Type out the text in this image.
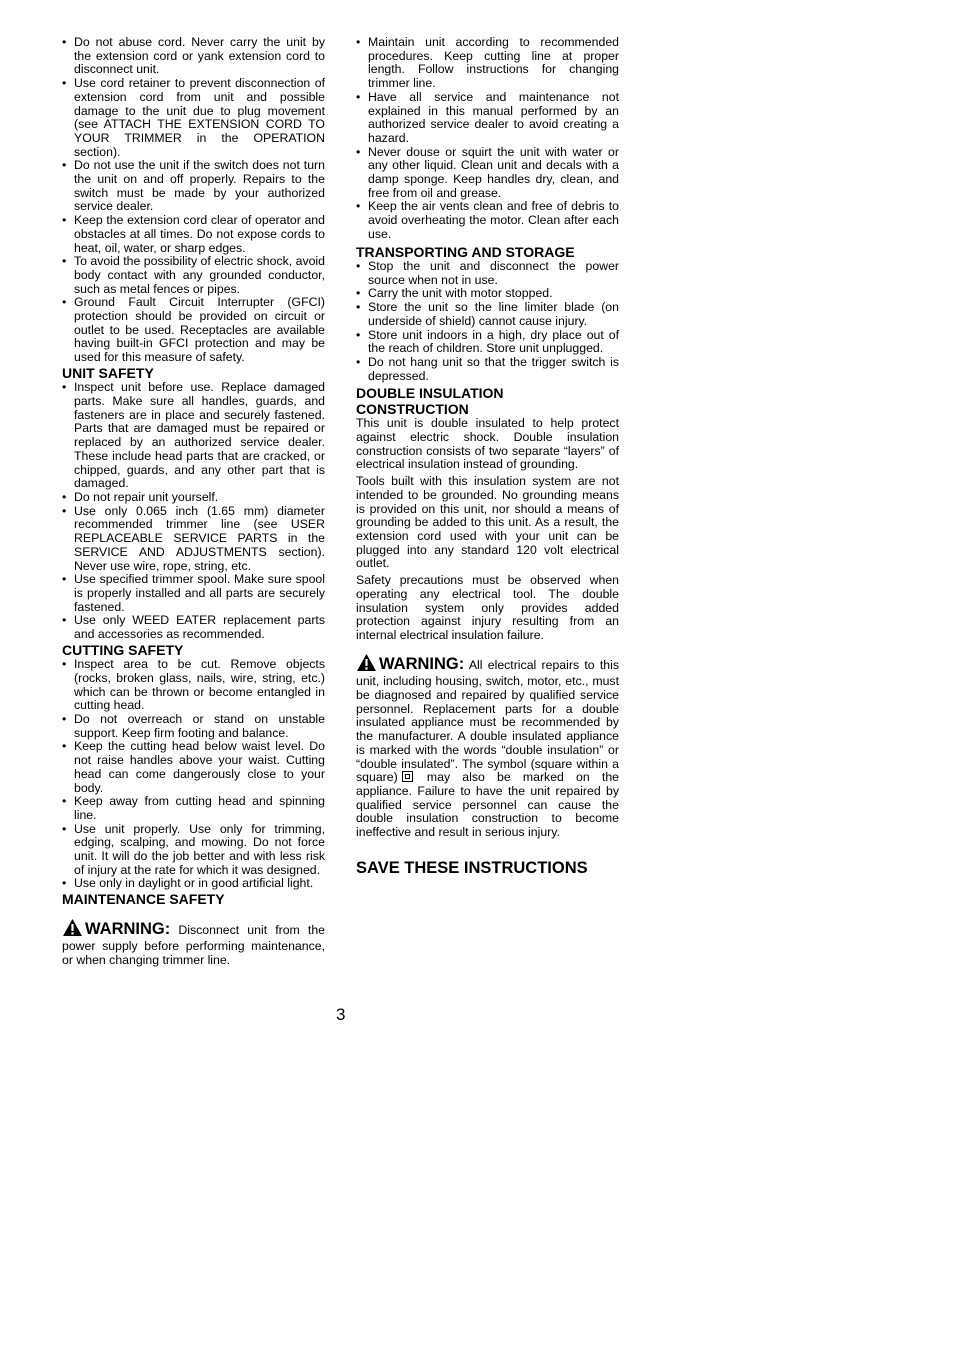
• Do not abuse cord. Never carry the unit by the extension cord or yank extension cord to disconnect unit.
• Use cord retainer to prevent disconnection of extension cord from unit and possible damage to the unit due to plug movement (see ATTACH THE EXTENSION CORD TO YOUR TRIMMER in the OPERATION section).
• Do not use the unit if the switch does not turn the unit on and off properly. Repairs to the switch must be made by your authorized service dealer.
• Keep the extension cord clear of operator and obstacles at all times. Do not expose cords to heat, oil, water, or sharp edges.
• To avoid the possibility of electric shock, avoid body contact with any grounded conductor, such as metal fences or pipes.
• Ground Fault Circuit Interrupter (GFCI) protection should be provided on circuit or outlet to be used. Receptacles are available having built-in GFCI protection and may be used for this measure of safety.
UNIT SAFETY
• Inspect unit before use. Replace damaged parts. Make sure all handles, guards, and fasteners are in place and securely fastened. Parts that are damaged must be repaired or replaced by an authorized service dealer. These include head parts that are cracked, or chipped, guards, and any other part that is damaged.
• Do not repair unit yourself.
• Use only 0.065 inch (1.65 mm) diameter recommended trimmer line (see USER REPLACEABLE SERVICE PARTS in the SERVICE AND ADJUSTMENTS section). Never use wire, rope, string, etc.
• Use specified trimmer spool. Make sure spool is properly installed and all parts are securely fastened.
• Use only WEED EATER replacement parts and accessories as recommended.
CUTTING SAFETY
• Inspect area to be cut. Remove objects (rocks, broken glass, nails, wire, string, etc.) which can be thrown or become entangled in cutting head.
• Do not overreach or stand on unstable support. Keep firm footing and balance.
• Keep the cutting head below waist level. Do not raise handles above your waist. Cutting head can come dangerously close to your body.
• Keep away from cutting head and spinning line.
• Use unit properly. Use only for trimming, edging, scalping, and mowing. Do not force unit. It will do the job better and with less risk of injury at the rate for which it was designed.
• Use only in daylight or in good artificial light.
MAINTENANCE SAFETY

WARNING: Disconnect unit from the power supply before performing maintenance, or when changing trimmer line.

• Maintain unit according to recommended procedures. Keep cutting line at proper length. Follow instructions for changing trimmer line.
• Have all service and maintenance not explained in this manual performed by an authorized service dealer to avoid creating a hazard.
• Never douse or squirt the unit with water or any other liquid. Clean unit and decals with a damp sponge. Keep handles dry, clean, and free from oil and grease.
• Keep the air vents clean and free of debris to avoid overheating the motor. Clean after each use.
TRANSPORTING AND STORAGE
• Stop the unit and disconnect the power source when not in use.
• Carry the unit with motor stopped.
• Store the unit so the line limiter blade (on underside of shield) cannot cause injury.
• Store unit indoors in a high, dry place out of the reach of children. Store unit unplugged.
• Do not hang unit so that the trigger switch is depressed.
DOUBLE INSULATION
CONSTRUCTION

This unit is double insulated to help protect against electric shock. Double insulation construction consists of two separate “layers” of electrical insulation instead of grounding.

Tools built with this insulation system are not intended to be grounded. No grounding means is provided on this unit, nor should a means of grounding be added to this unit. As a result, the extension cord used with your unit can be plugged into any standard 120 volt electrical outlet.

Safety precautions must be observed when operating any electrical tool. The double insulation system only provides added protection against injury resulting from an internal electrical insulation failure.

WARNING: All electrical repairs to this unit, including housing, switch, motor, etc., must be diagnosed and repaired by qualified service personnel. Replacement parts for a double insulated appliance must be recommended by the manufacturer. A double insulated appliance is marked with the words “double insulation” or “double insulated”. The symbol (square within a square) may also be marked on the appliance. Failure to have the unit repaired by qualified service personnel can cause the double insulation construction to become ineffective and result in serious injury.

SAVE THESE INSTRUCTIONS
3
